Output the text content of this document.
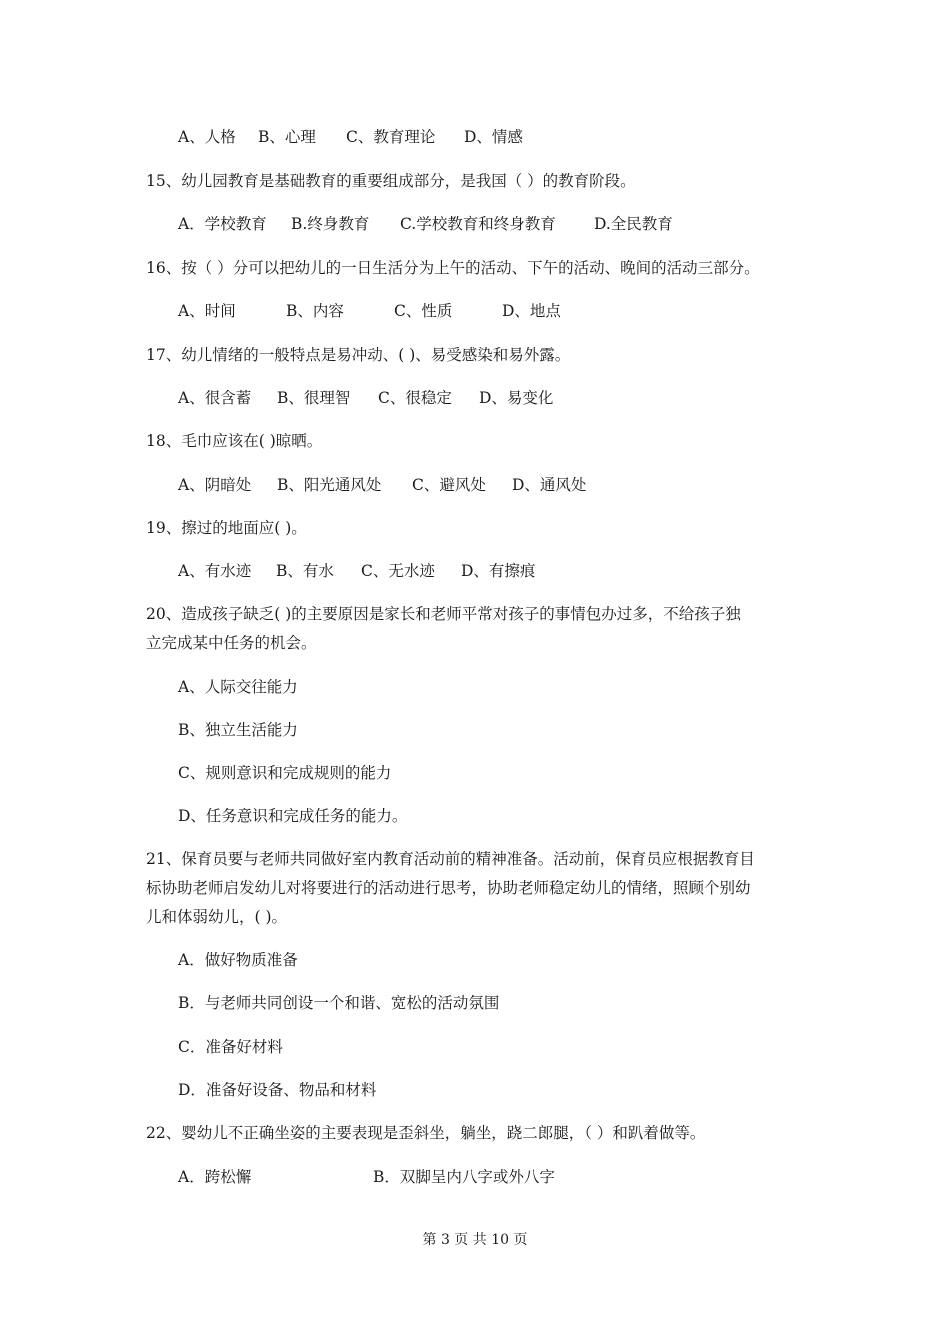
A、人格 B、心理 C、教育理论 D、情感
15、幼儿园教育是基础教育的重要组成部分，是我国（ ）的教育阶段。
A．学校教育 B.终身教育 C.学校教育和终身教育 D.全民教育
16、按（ ）分可以把幼儿的一日生活分为上午的活动、下午的活动、晚间的活动三部分。
A、时间	B、内容	C、性质	D、地点
17、幼儿情绪的一般特点是易冲动、( )、易受感染和易外露。
A、很含蓄 B、很理智 C、很稳定 D、易变化
18、毛巾应该在( )晾晒。
A、阴暗处 B、阳光通风处 C、避风处 D、通风处
19、擦过的地面应( )。
A、有水迹 B、有水 C、无水迹 D、有擦痕
20、造成孩子缺乏( )的主要原因是家长和老师平常对孩子的事情包办过多，不给孩子独
立完成某中任务的机会。
A、人际交往能力
B、独立生活能力
C、规则意识和完成规则的能力
D、任务意识和完成任务的能力。
21、保育员要与老师共同做好室内教育活动前的精神准备。活动前，保育员应根据教育目
标协助老师启发幼儿对将要进行的活动进行思考，协助老师稳定幼儿的情绪，照顾个别幼
儿和体弱幼儿，( )。
A．做好物质准备
B．与老师共同创设一个和谐、宽松的活动氛围
C．准备好材料
D．准备好设备、物品和材料
22、婴幼儿不正确坐姿的主要表现是歪斜坐，躺坐，跷二郎腿，（ ）和趴着做等。
A．跨松懈	B．双脚呈内八字或外八字
第 3 页 共 10 页
